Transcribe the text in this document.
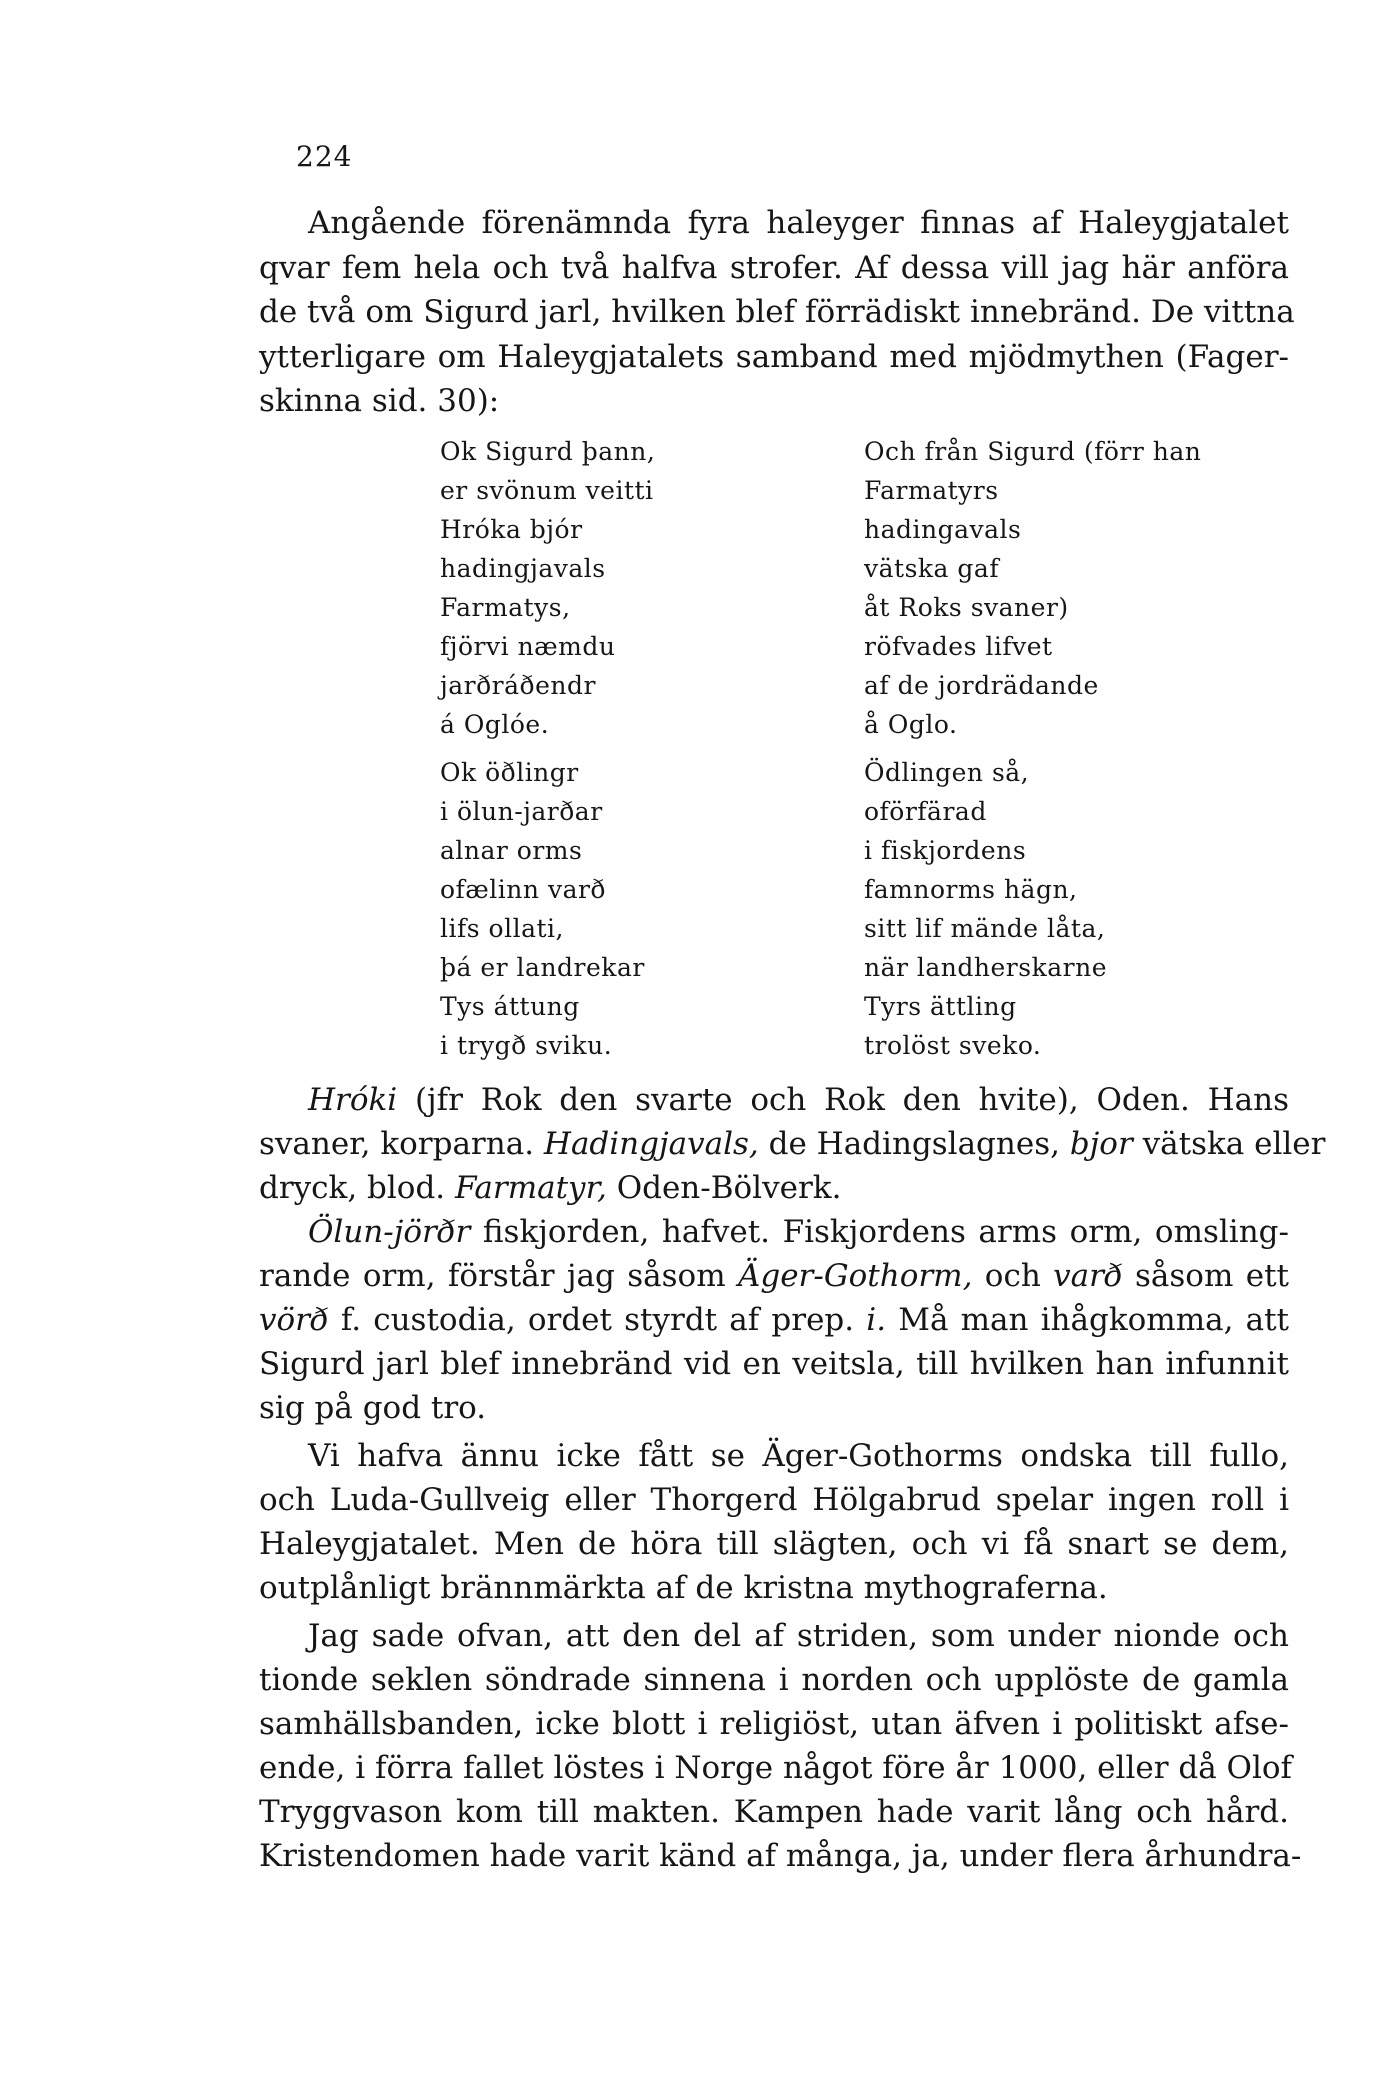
224
Angående förenämnda fyra haleyger finnas af Haleygjatalet
qvar fem hela och två halfva strofer. Af dessa vill jag här anföra
de två om Sigurd jarl, hvilken blef förrädiskt innebränd. De vittna
ytterligare om Haleygjatalets samband med mjödmythen (Fager-
skinna sid. 30):
Ok Sigurd þann,
er svönum veitti
Hróka bjór
hadingjavals
Farmatys,
fjörvi næmdu
jarðráðendr
á Oglóe.
Och från Sigurd (förr han
Farmatyrs
hadingavals
vätska gaf
åt Roks svaner)
röfvades lifvet
af de jordrädande
å Oglo.
Ok öðlingr
i ölun-jarðar
alnar orms
ofælinn varð
lifs ollati,
þá er landrekar
Tys áttung
i trygð sviku.
Ödlingen så,
oförfärad
i fiskjordens
famnorms hägn,
sitt lif mände låta,
när landherskarne
Tyrs ättling
trolöst sveko.
Hróki (jfr Rok den svarte och Rok den hvite), Oden. Hans
svaner, korparna. Hadingjavals, de Hadingslagnes, bjor vätska eller
dryck, blod. Farmatyr, Oden-Bölverk.
Ölun-jörðr fiskjorden, hafvet. Fiskjordens arms orm, omsling-
rande orm, förstår jag såsom Äger-Gothorm, och varð såsom ett
vörð f. custodia, ordet styrdt af prep. i. Må man ihågkomma, att
Sigurd jarl blef innebränd vid en veitsla, till hvilken han infunnit
sig på god tro.
Vi hafva ännu icke fått se Äger-Gothorms ondska till fullo,
och Luda-Gullveig eller Thorgerd Hölgabrud spelar ingen roll i
Haleygjatalet. Men de höra till slägten, och vi få snart se dem,
outplånligt brännmärkta af de kristna mythograferna.
Jag sade ofvan, att den del af striden, som under nionde och
tionde seklen söndrade sinnena i norden och upplöste de gamla
samhällsbanden, icke blott i religiöst, utan äfven i politiskt afse-
ende, i förra fallet löstes i Norge något före år 1000, eller då Olof
Tryggvason kom till makten. Kampen hade varit lång och hård.
Kristendomen hade varit känd af många, ja, under flera århundra-
